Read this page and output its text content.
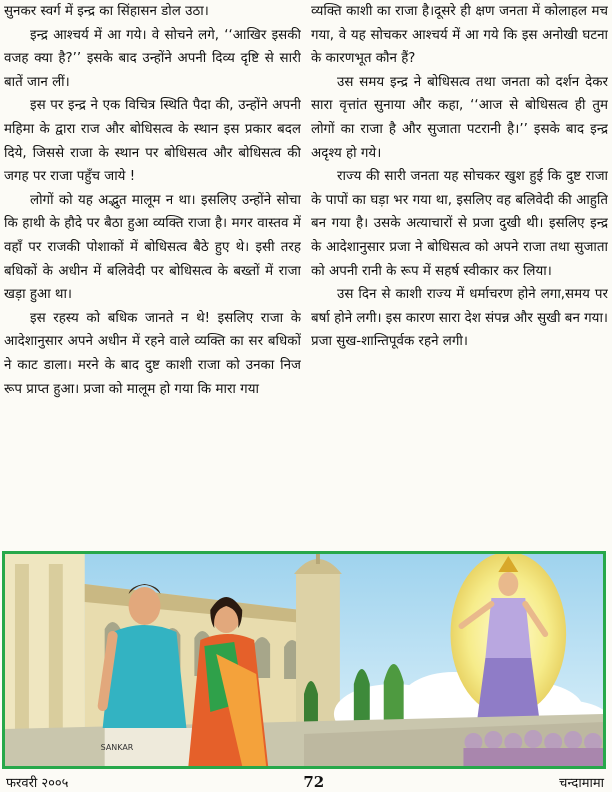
सुनकर स्वर्ग में इन्द्र का सिंहासन डोल उठा।

इन्द्र आश्चर्य में आ गये। वे सोचने लगे, ‘‘आखिर इसकी वजह क्या है?’’ इसके बाद उन्होंने अपनी दिव्य दृष्टि से सारी बातें जान लीं।

इस पर इन्द्र ने एक विचित्र स्थिति पैदा की, उन्होंने अपनी महिमा के द्वारा राज और बोधिसत्व के स्थान इस प्रकार बदल दिये, जिससे राजा के स्थान पर बोधिसत्व और बोधिसत्व की जगह पर राजा पहुँच जाये !

लोगों को यह अद्भुत मालूम न था। इसलिए उन्होंने सोचा कि हाथी के हौदे पर बैठा हुआ व्यक्ति राजा है। मगर वास्तव में वहाँ पर राजकी पोशाकों में बोधिसत्व बैठे हुए थे। इसी तरह बधिकों के अधीन में बलिवेदी पर बोधिसत्व के बख्तों में राजा खड़ा हुआ था।

इस रहस्य को बधिक जानते न थे! इसलिए राजा के आदेशानुसार अपने अधीन में रहने वाले व्यक्ति का सर बधिकों ने काट डाला। मरने के बाद दुष्ट काशी राजा को उनका निज रूप प्राप्त हुआ। प्रजा को मालूम हो गया कि मारा गया

व्यक्ति काशी का राजा है।दूसरे ही क्षण जनता में कोलाहल मच गया, वे यह सोचकर आश्चर्य में आ गये कि इस अनोखी घटना के कारणभूत कौन हैं?

उस समय इन्द्र ने बोधिसत्व तथा जनता को दर्शन देकर सारा वृत्तांत सुनाया और कहा, ‘‘आज से बोधिसत्व ही तुम लोगों का राजा है और सुजाता पटरानी है।’’ इसके बाद इन्द्र अदृश्य हो गये।

राज्य की सारी जनता यह सोचकर खुश हुई कि दुष्ट राजा के पापों का घड़ा भर गया था, इसलिए वह बलिवेदी की आहुति बन गया है। उसके अत्याचारों से प्रजा दुखी थी। इसलिए इन्द्र के आदेशानुसार प्रजा ने बोधिसत्व को अपने राजा तथा सुजाता को अपनी रानी के रूप में सहर्ष स्वीकार कर लिया।

उस दिन से काशी राज्य में धर्माचरण होने लगा,समय पर बर्षा होने लगी। इस कारण सारा देश संपन्न और सुखी बन गया। प्रजा सुख-शान्तिपूर्वक रहने लगी।

SANKAR
फरवरी २००५	72	चन्दामामा
